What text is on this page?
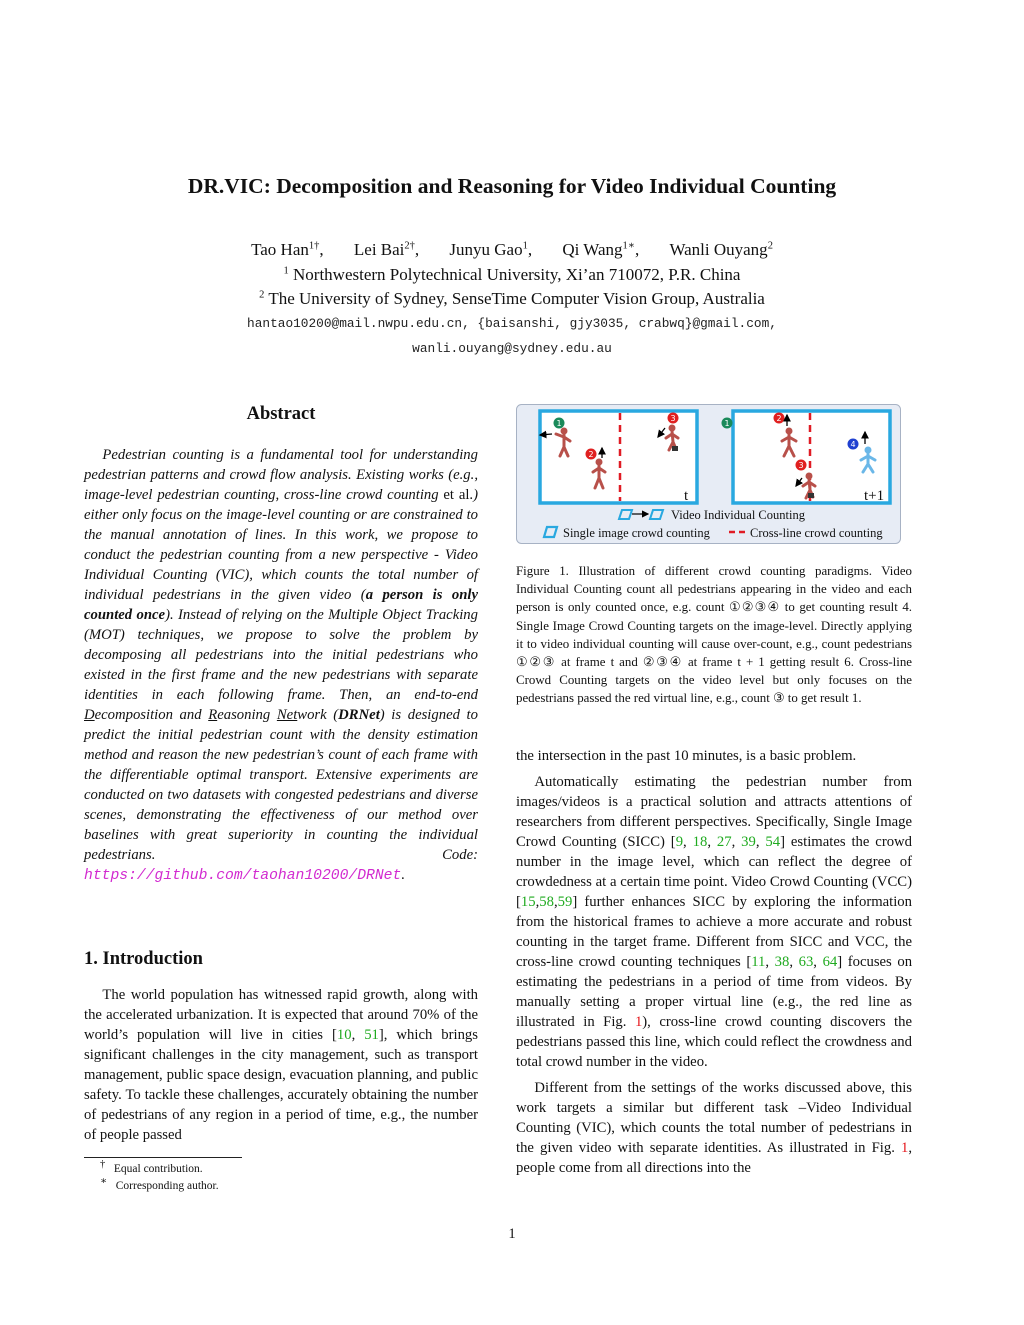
DR.VIC: Decomposition and Reasoning for Video Individual Counting
Tao Han$^{1\dagger}$, Lei Bai$^{2\dagger}$, Junyu Gao$^1$, Qi Wang$^{1∗}$, Wanli Ouyang$^2$
$^1$ Northwestern Polytechnical University, Xi’an 710072, P.R. China
$^2$ The University of Sydney, SenseTime Computer Vision Group, Australia
hantao10200@mail.nwpu.edu.cn, {baisanshi, gjy3035, crabwq}@gmail.com,
wanli.ouyang@sydney.edu.au
Abstract

Pedestrian counting is a fundamental tool for understanding pedestrian patterns and crowd flow analysis. Existing works (e.g., image-level pedestrian counting, cross-line crowd counting et al.) either only focus on the image-level counting or are constrained to the manual annotation of lines. In this work, we propose to conduct the pedestrian counting from a new perspective - Video Individual Counting (VIC), which counts the total number of individual pedestrians in the given video (a person is only counted once). Instead of relying on the Multiple Object Tracking (MOT) techniques, we propose to solve the problem by decomposing all pedestrians into the initial pedestrians who existed in the first frame and the new pedestrians with separate identities in each following frame. Then, an end-to-end Decomposition and Reasoning Network (DRNet) is designed to predict the initial pedestrian count with the density estimation method and reason the new pedestrian’s count of each frame with the differentiable optimal transport. Extensive experiments are conducted on two datasets with congested pedestrians and diverse scenes, demonstrating the effectiveness of our method over baselines with great superiority in counting the individual pedestrians. Code: https://github.com/taohan10200/DRNet.

1. Introduction

The world population has witnessed rapid growth, along with the accelerated urbanization. It is expected that around 70% of the world’s population will live in cities [10, 51], which brings significant challenges in the city management, such as transport management, public space design, evacuation planning, and public safety. To tackle these challenges, accurately obtaining the number of pedestrians of any region in a period of time, e.g., the number of people passed

† Equal contribution.
∗ Corresponding author.
1
2
3
t
1
2
3
4
t+1
Video Individual Counting
Single image crowd counting	Cross-line crowd counting
Figure 1. Illustration of different crowd counting paradigms. Video Individual Counting count all pedestrians appearing in the video and each person is only counted once, e.g. count ①②③④ to get counting result 4. Single Image Crowd Counting targets on the image-level. Directly applying it to video individual counting will cause over-count, e.g., count pedestrians ①②③ at frame t and ②③④ at frame t + 1 getting result 6. Cross-line Crowd Counting targets on the video level but only focuses on the pedestrians passed the red virtual line, e.g., count ③ to get result 1.

the intersection in the past 10 minutes, is a basic problem.

Automatically estimating the pedestrian number from images/videos is a practical solution and attracts attentions of researchers from different perspectives. Specifically, Single Image Crowd Counting (SICC) [9, 18, 27, 39, 54] estimates the crowd number in the image level, which can reflect the degree of crowdedness at a certain time point. Video Crowd Counting (VCC) [15,58,59] further enhances SICC by exploring the information from the historical frames to achieve a more accurate and robust counting in the target frame. Different from SICC and VCC, the cross-line crowd counting techniques [11, 38, 63, 64] focuses on estimating the pedestrians in a period of time from videos. By manually setting a proper virtual line (e.g., the red line as illustrated in Fig. 1), cross-line crowd counting discovers the pedestrians passed this line, which could reflect the crowdness and total crowd number in the video.

Different from the settings of the works discussed above, this work targets a similar but different task –Video Individual Counting (VIC), which counts the total number of pedestrians in the given video with separate identities. As illustrated in Fig. 1, people come from all directions into the

1
